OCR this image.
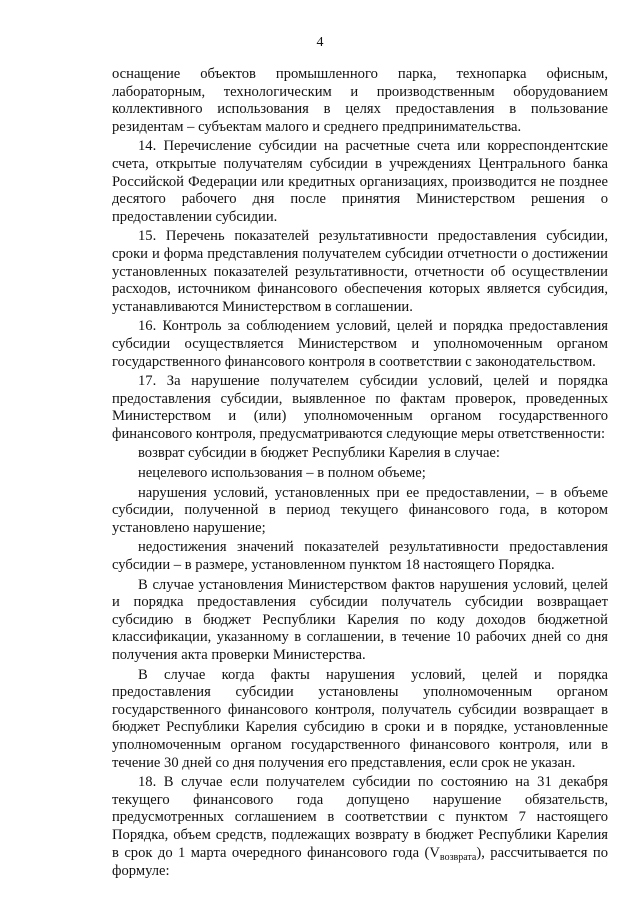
4

оснащение объектов промышленного парка, технопарка офисным, лабораторным, технологическим и производственным оборудованием коллективного использования в целях предоставления в пользование резидентам – субъектам малого и среднего предпринимательства.

14. Перечисление субсидии на расчетные счета или корреспондентские счета, открытые получателям субсидии в учреждениях Центрального банка Российской Федерации или кредитных организациях, производится не позднее десятого рабочего дня после принятия Министерством решения о предоставлении субсидии.

15. Перечень показателей результативности предоставления субсидии, сроки и форма представления получателем субсидии отчетности о достижении установленных показателей результативности, отчетности об осуществлении расходов, источником финансового обеспечения которых является субсидия, устанавливаются Министерством в соглашении.

16. Контроль за соблюдением условий, целей и порядка предоставления субсидии осуществляется Министерством и уполномоченным органом государственного финансового контроля в соответствии с законодательством.

17. За нарушение получателем субсидии условий, целей и порядка предоставления субсидии, выявленное по фактам проверок, проведенных Министерством и (или) уполномоченным органом государственного финансового контроля, предусматриваются следующие меры ответственности:

возврат субсидии в бюджет Республики Карелия в случае:

нецелевого использования – в полном объеме;

нарушения условий, установленных при ее предоставлении, – в объеме субсидии, полученной в период текущего финансового года, в котором установлено нарушение;

недостижения значений показателей результативности предоставления субсидии – в размере, установленном пунктом 18 настоящего Порядка.

В случае установления Министерством фактов нарушения условий, целей и порядка предоставления субсидии получатель субсидии возвращает субсидию в бюджет Республики Карелия по коду доходов бюджетной классификации, указанному в соглашении, в течение 10 рабочих дней со дня получения акта проверки Министерства.

В случае когда факты нарушения условий, целей и порядка предоставления субсидии установлены уполномоченным органом государственного финансового контроля, получатель субсидии возвращает в бюджет Республики Карелия субсидию в сроки и в порядке, установленные уполномоченным органом государственного финансового контроля, или в течение 30 дней со дня получения его представления, если срок не указан.

18. В случае если получателем субсидии по состоянию на 31 декабря текущего финансового года допущено нарушение обязательств, предусмотренных соглашением в соответствии с пунктом 7 настоящего Порядка, объем средств, подлежащих возврату в бюджет Республики Карелия в срок до 1 марта очередного финансового года $(V_{возврата})$, рассчитывается по формуле:
